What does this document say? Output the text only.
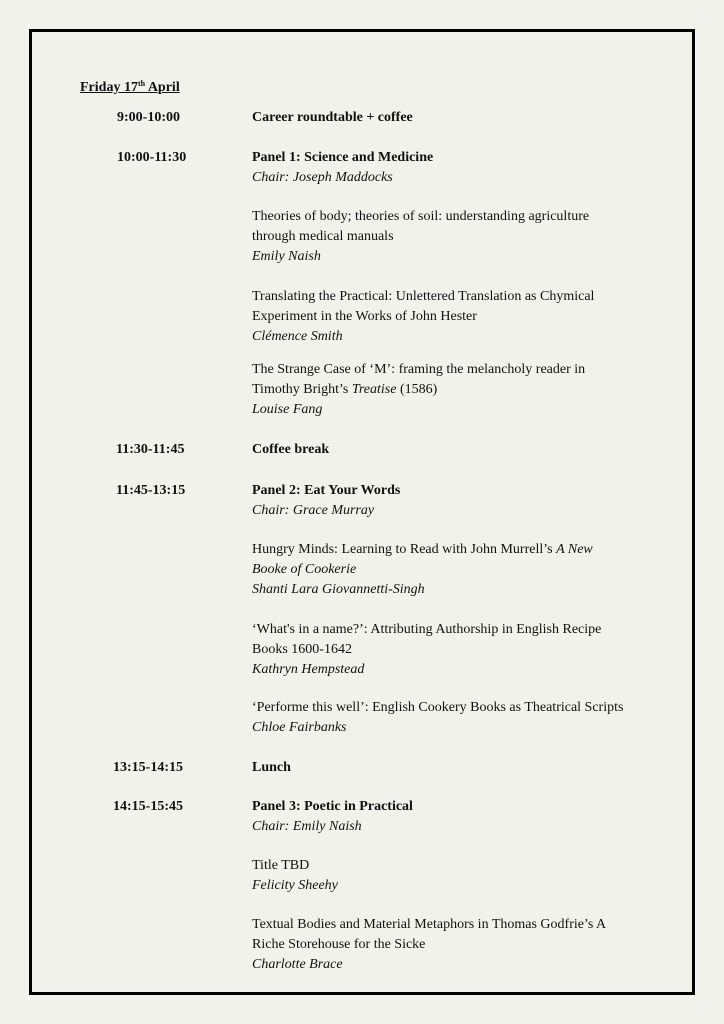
Friday 17th April
9:00-10:00	Career roundtable + coffee
10:00-11:30	Panel 1: Science and Medicine
Chair: Joseph Maddocks
Theories of body; theories of soil: understanding agriculture
through medical manuals
Emily Naish
Translating the Practical: Unlettered Translation as Chymical
Experiment in the Works of John Hester
Clémence Smith
The Strange Case of ‘M’: framing the melancholy reader in
Timothy Bright’s Treatise (1586)
Louise Fang
11:30-11:45	Coffee break
11:45-13:15	Panel 2: Eat Your Words
Chair: Grace Murray
Hungry Minds: Learning to Read with John Murrell’s A New
Booke of Cookerie
Shanti Lara Giovannetti-Singh
‘What's in a name?’: Attributing Authorship in English Recipe
Books 1600-1642
Kathryn Hempstead
‘Performe this well’: English Cookery Books as Theatrical Scripts
Chloe Fairbanks
13:15-14:15	Lunch
14:15-15:45	Panel 3: Poetic in Practical
Chair: Emily Naish
Title TBD
Felicity Sheehy
Textual Bodies and Material Metaphors in Thomas Godfrie’s A
Riche Storehouse for the Sicke
Charlotte Brace
